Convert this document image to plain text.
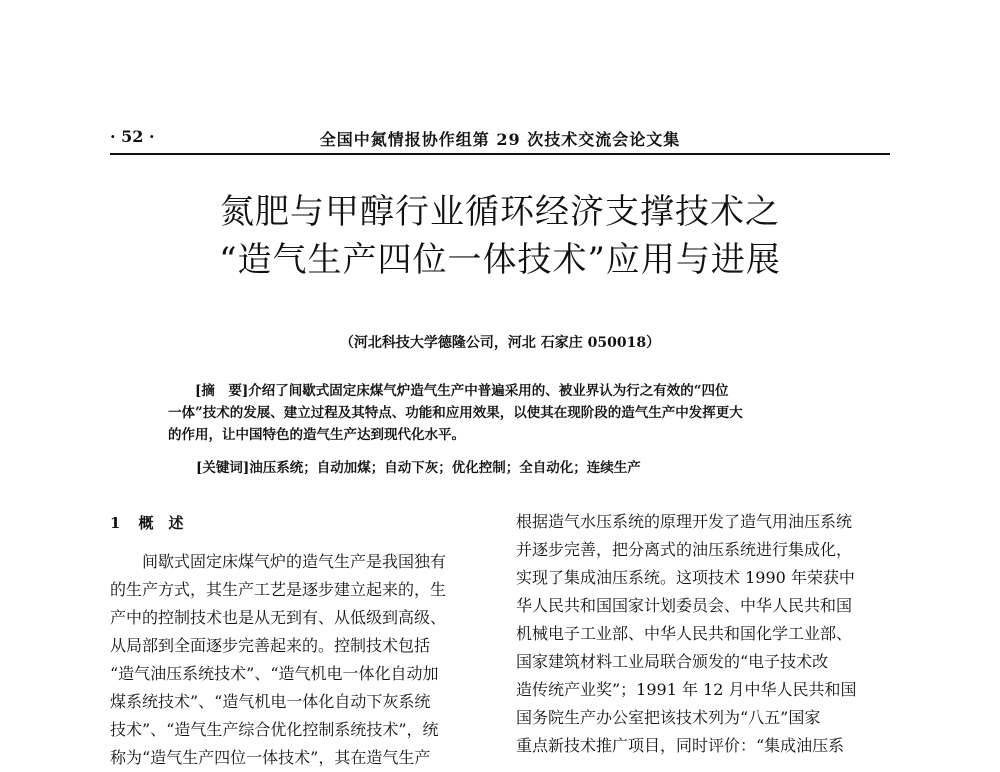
· 52 ·	全国中氮情报协作组第 29 次技术交流会论文集
氮肥与甲醇行业循环经济支撑技术之
“造气生产四位一体技术”应用与进展
（河北科技大学德隆公司，河北 石家庄 050018）

[摘　要]介绍了间歇式固定床煤气炉造气生产中普遍采用的、被业界认为行之有效的“四位

一体”技术的发展、建立过程及其特点、功能和应用效果，以使其在现阶段的造气生产中发挥更大

的作用，让中国特色的造气生产达到现代化水平。

[关键词]油压系统；自动加煤；自动下灰；优化控制；全自动化；连续生产
1 概　述
间歇式固定床煤气炉的造气生产是我国独有
的生产方式，其生产工艺是逐步建立起来的，生
产中的控制技术也是从无到有、从低级到高级、
从局部到全面逐步完善起来的。控制技术包括
“造气油压系统技术”、“造气机电一体化自动加
煤系统技术”、“造气机电一体化自动下灰系统
技术”、“造气生产综合优化控制系统技术”，统
称为“造气生产四位一体技术”，其在造气生产
根据造气水压系统的原理开发了造气用油压系统
并逐步完善，把分离式的油压系统进行集成化，
实现了集成油压系统。这项技术 1990 年荣获中
华人民共和国国家计划委员会、中华人民共和国
机械电子工业部、中华人民共和国化学工业部、
国家建筑材料工业局联合颁发的“电子技术改
造传统产业奖”；1991 年 12 月中华人民共和国
国务院生产办公室把该技术列为“八五”国家
重点新技术推广项目，同时评价：“集成油压系
